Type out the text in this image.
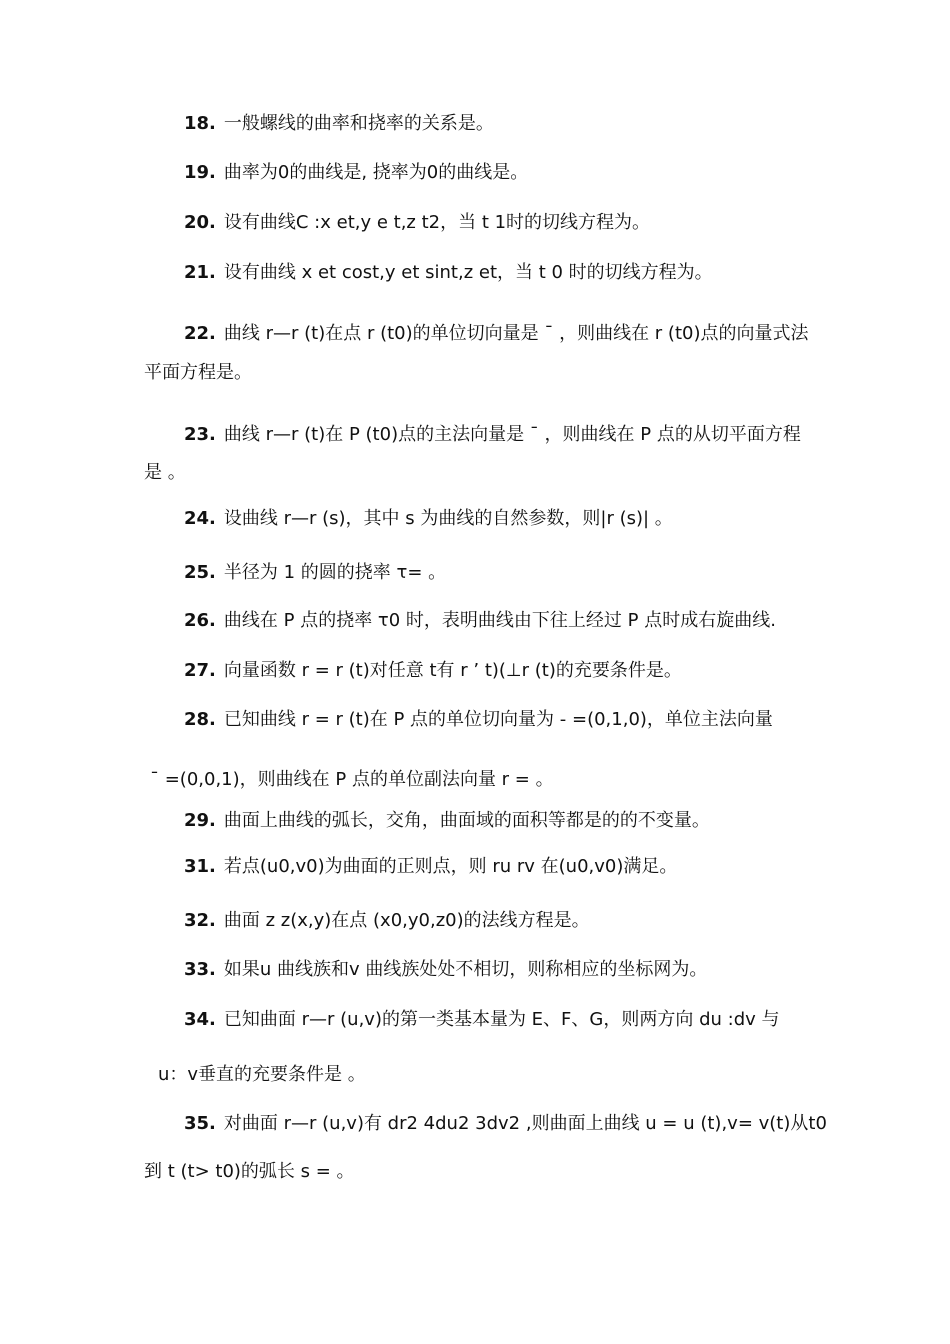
18. 一般螺线的曲率和挠率的关系是。
19. 曲率为0的曲线是, 挠率为0的曲线是。
20. 设有曲线C :x et,y e t,z t2，当 t 1时的切线方程为。
21. 设有曲线 x et cost,y et sint,z et，当 t 0 时的切线方程为。
22. 曲线 r—r (t)在点 r (t0)的单位切向量是 ¯ ，则曲线在 r (t0)点的向量式法
平面方程是。
23. 曲线 r—r (t)在 P (t0)点的主法向量是 ¯ ，则曲线在 P 点的从切平面方程
是 。
24. 设曲线 r—r (s)，其中 s 为曲线的自然参数，则|r (s)| 。
25. 半径为 1 的圆的挠率 τ= 。
26. 曲线在 P 点的挠率 τ0 时，表明曲线由下往上经过 P 点时成右旋曲线.
27. 向量函数 r = r (t)对任意 t有 r ’ t)(⊥r (t)的充要条件是。
28. 已知曲线 r = r (t)在 P 点的单位切向量为 - =(0,1,0)，单位主法向量
¯ =(0,0,1)，则曲线在 P 点的单位副法向量 r = 。
29. 曲面上曲线的弧长，交角，曲面域的面积等都是的的不变量。
31. 若点(u0,v0)为曲面的正则点，则 ru rv 在(u0,v0)满足。
32. 曲面 z z(x,y)在点 (x0,y0,z0)的法线方程是。
33. 如果u 曲线族和v 曲线族处处不相切，则称相应的坐标网为。
34. 已知曲面 r—r (u,v)的第一类基本量为 E、F、G，则两方向 du :dv 与
u：v垂直的充要条件是 。
35. 对曲面 r—r (u,v)有 dr2 4du2 3dv2 ,则曲面上曲线 u = u (t),v= v(t)从t0
到 t (t> t0)的弧长 s = 。
